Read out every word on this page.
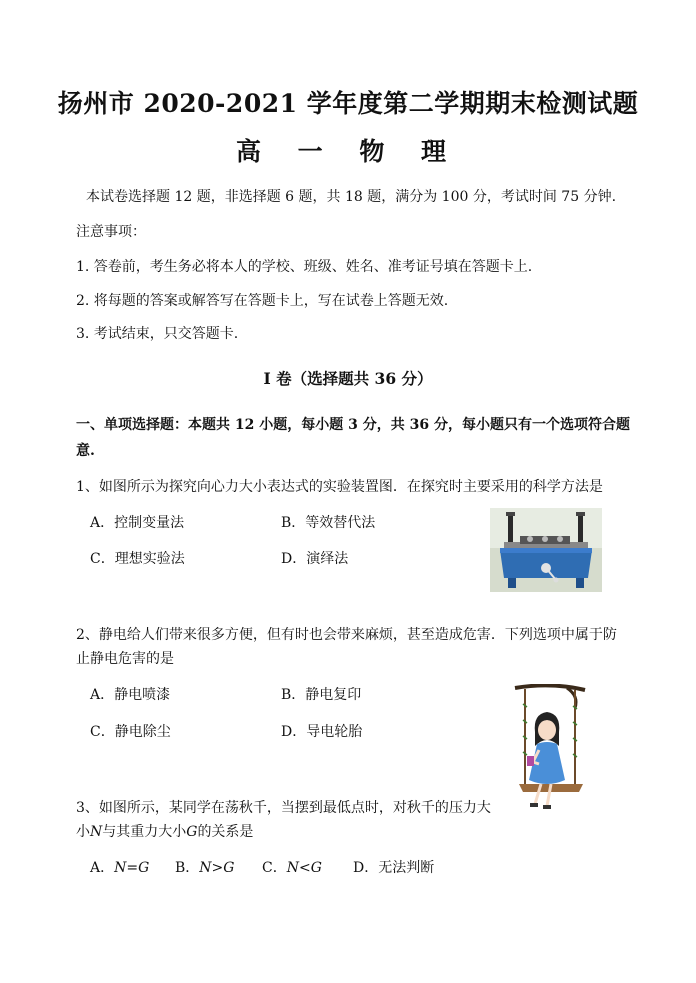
扬州市 2020-2021 学年度第二学期期末检测试题
高 一 物 理
本试卷选择题 12 题，非选择题 6 题，共 18 题，满分为 100 分，考试时间 75 分钟.
注意事项：
1. 答卷前，考生务必将本人的学校、班级、姓名、准考证号填在答题卡上.
2. 将每题的答案或解答写在答题卡上，写在试卷上答题无效.
3. 考试结束，只交答题卡.
I 卷（选择题共 36 分）
一、单项选择题：本题共 12 小题，每小题 3 分，共 36 分，每小题只有一个选项符合题
意.
1、如图所示为探究向心力大小表达式的实验装置图．在探究时主要采用的科学方法是
A．控制变量法	B．等效替代法
C．理想实验法	D．演绎法
2、静电给人们带来很多方便，但有时也会带来麻烦，甚至造成危害．下列选项中属于防
止静电危害的是
A．静电喷漆	B．静电复印
C．静电除尘	D．导电轮胎
3、如图所示，某同学在荡秋千，当摆到最低点时，对秋千的压力大
小N与其重力大小G的关系是
A．N=G B．N>G C．N<G D．无法判断
